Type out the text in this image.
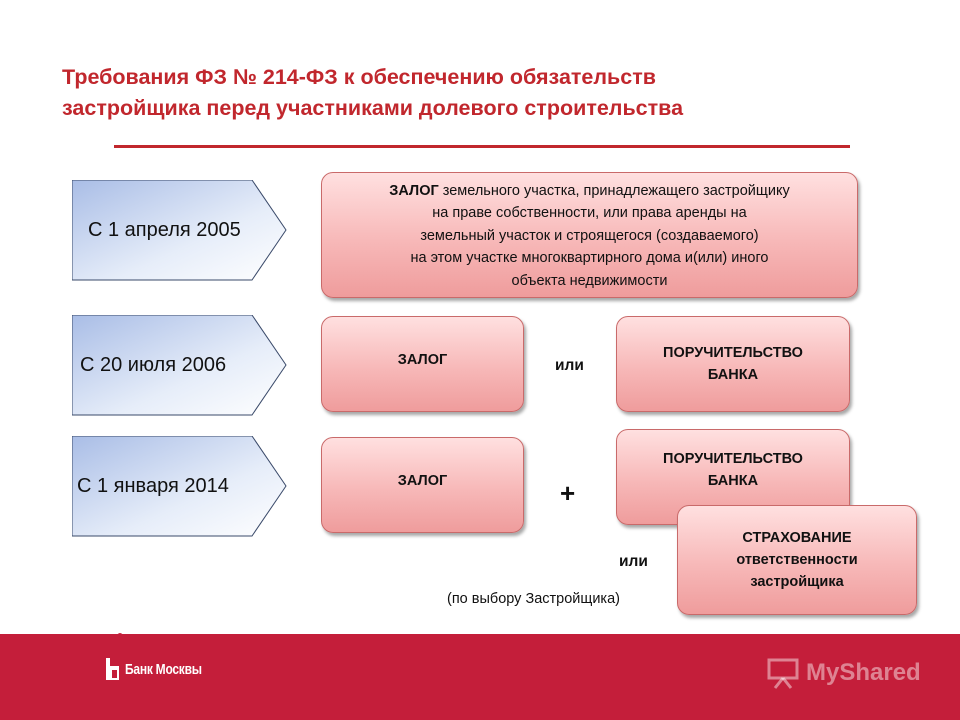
Требования ФЗ № 214-ФЗ к обеспечению обязательств
застройщика перед участниками долевого строительства
С 1 апреля 2005
ЗАЛОГ земельного участка, принадлежащего застройщику
на праве собственности, или права аренды на
земельный участок и строящегося (создаваемого)
на этом участке многоквартирного дома и(или) иного
объекта недвижимости
С 20 июля 2006	ЗАЛОГ	или
ПОРУЧИТЕЛЬСТВО
БАНКА
С 1 января 2014	ЗАЛОГ	+
ПОРУЧИТЕЛЬСТВО
БАНКА
СТРАХОВАНИЕ
ответственности
застройщика
или
(по выбору Застройщика)
Банк Москвы	MyShared
